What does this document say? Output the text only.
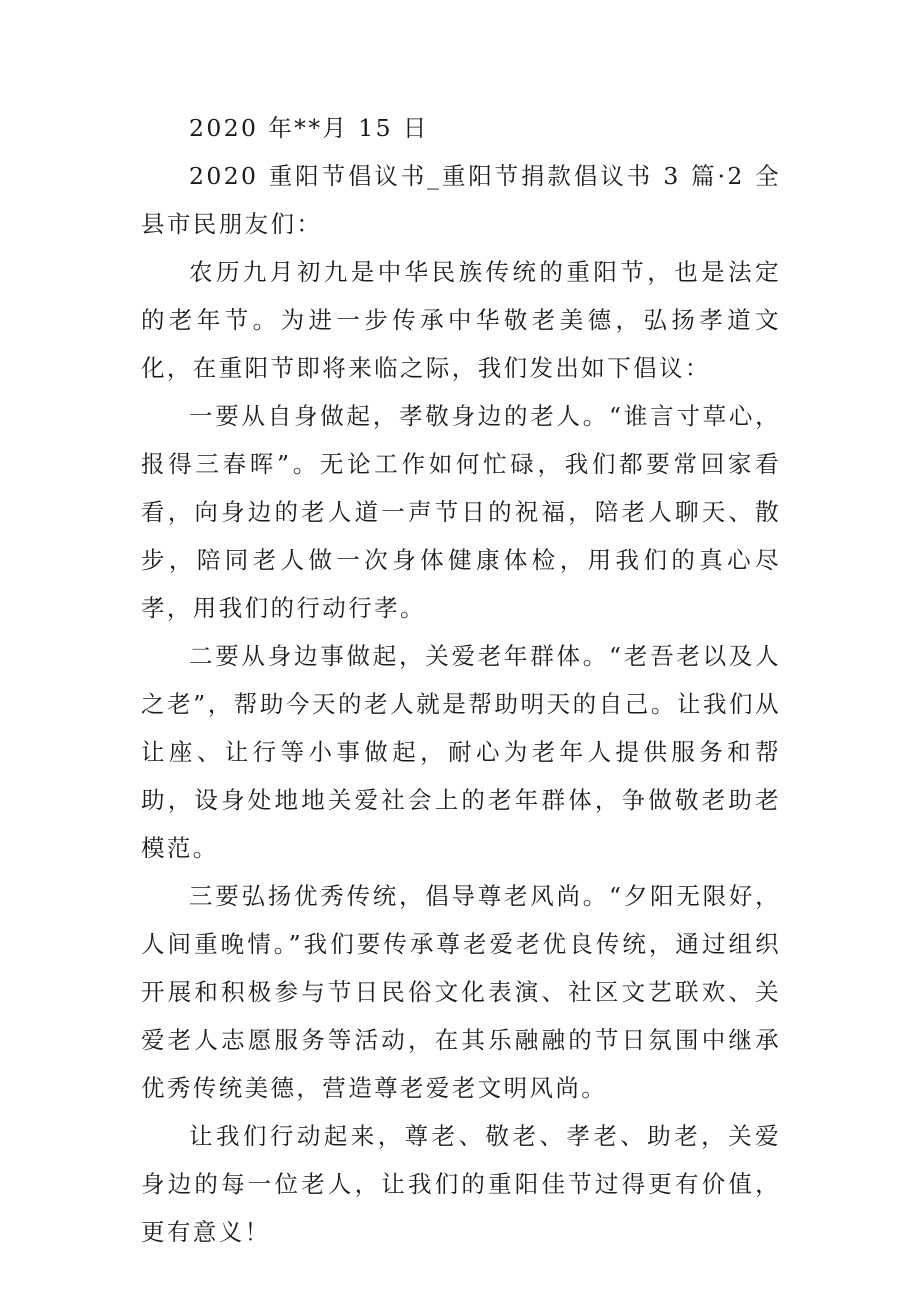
2020 年**月 15 日

2020 重阳节倡议书_重阳节捐款倡议书 3 篇·2 全县市民朋友们：

农历九月初九是中华民族传统的重阳节，也是法定的老年节。为进一步传承中华敬老美德，弘扬孝道文化，在重阳节即将来临之际，我们发出如下倡议：

一要从自身做起，孝敬身边的老人。“谁言寸草心，报得三春晖”。无论工作如何忙碌，我们都要常回家看看，向身边的老人道一声节日的祝福，陪老人聊天、散步，陪同老人做一次身体健康体检，用我们的真心尽孝，用我们的行动行孝。

二要从身边事做起，关爱老年群体。“老吾老以及人之老”，帮助今天的老人就是帮助明天的自己。让我们从让座、让行等小事做起，耐心为老年人提供服务和帮助，设身处地地关爱社会上的老年群体，争做敬老助老模范。

三要弘扬优秀传统，倡导尊老风尚。“夕阳无限好，人间重晚情。”我们要传承尊老爱老优良传统，通过组织开展和积极参与节日民俗文化表演、社区文艺联欢、关爱老人志愿服务等活动，在其乐融融的节日氛围中继承优秀传统美德，营造尊老爱老文明风尚。

让我们行动起来，尊老、敬老、孝老、助老，关爱身边的每一位老人，让我们的重阳佳节过得更有价值，更有意义！
